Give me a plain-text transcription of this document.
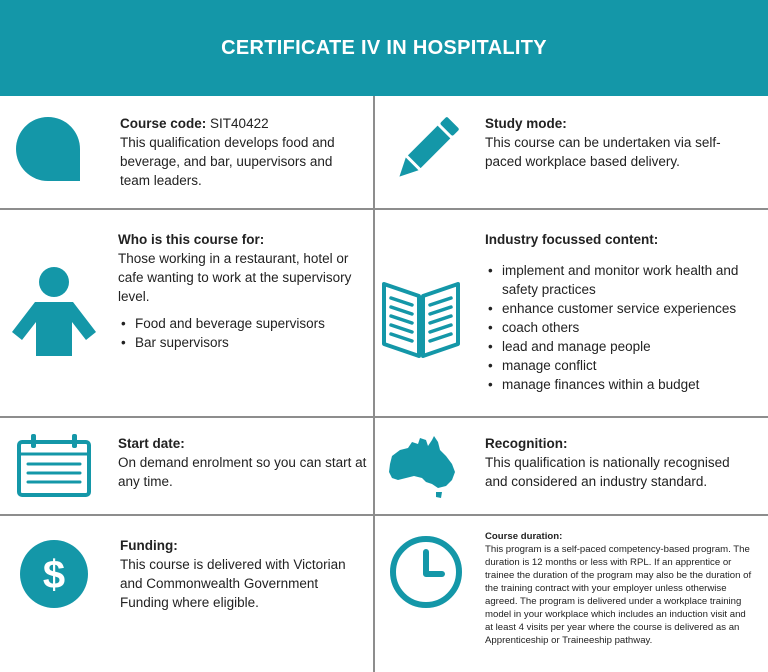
CERTIFICATE IV IN HOSPITALITY

Course code: SIT40422

This qualification develops food and beverage, and bar, uupervisors and team leaders.

Study mode:

This course can be undertaken via self-paced workplace based delivery.

Who is this course for:

Those working in a restaurant, hotel or cafe wanting to work at the supervisory level.

• Food and beverage supervisors
• Bar supervisors

Industry focussed content:

• implement and monitor work health and safety practices
• enhance customer service experiences
• coach others
• lead and manage people
• manage conflict
• manage finances within a budget

Start date:

On demand enrolment so you can start at any time.

Recognition:

This qualification is nationally recognised and considered an industry standard.

$

Funding:

This course is delivered with Victorian and Commonwealth Government Funding where eligible.

Course duration:

This program is a self-paced competency-based program. The duration is 12 months or less with RPL. If an apprentice or trainee the duration of the program may also be the duration of the training contract with your employer unless otherwise agreed. The program is delivered under a workplace training model in your workplace which includes an induction visit and at least 4 visits per year where the course is delivered as an Apprenticeship or Traineeship pathway.
